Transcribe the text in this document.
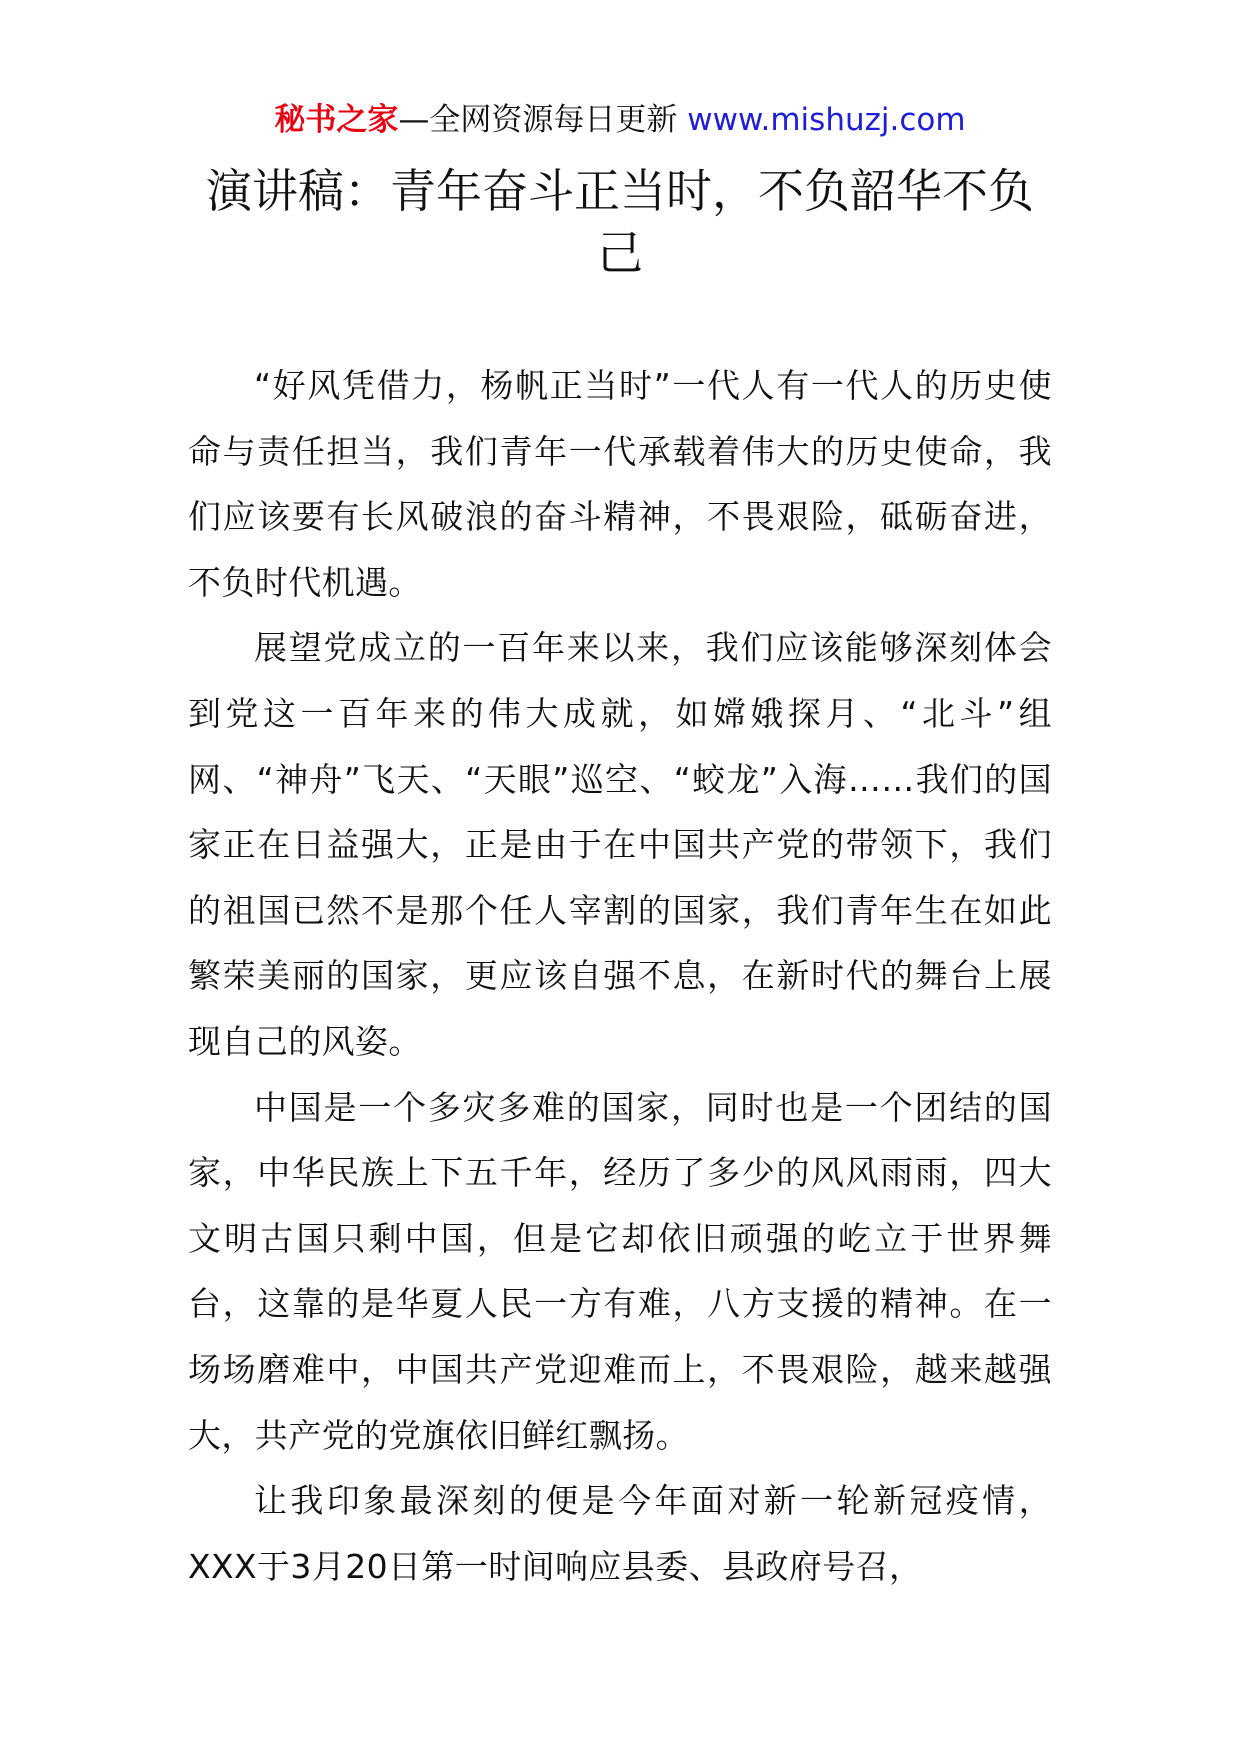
秘书之家—全网资源每日更新 www.mishuzj.com
演讲稿：青年奋斗正当时，不负韶华不负己

“好风凭借力，杨帆正当时”一代人有一代人的历史使命与责任担当，我们青年一代承载着伟大的历史使命，我们应该要有长风破浪的奋斗精神，不畏艰险，砥砺奋进，不负时代机遇。

展望党成立的一百年来以来，我们应该能够深刻体会到党这一百年来的伟大成就，如嫦娥探月、“北斗”组网、“神舟”飞天、“天眼”巡空、“蛟龙”入海……我们的国家正在日益强大，正是由于在中国共产党的带领下，我们的祖国已然不是那个任人宰割的国家，我们青年生在如此繁荣美丽的国家，更应该自强不息，在新时代的舞台上展现自己的风姿。

中国是一个多灾多难的国家，同时也是一个团结的国家，中华民族上下五千年，经历了多少的风风雨雨，四大文明古国只剩中国，但是它却依旧顽强的屹立于世界舞台，这靠的是华夏人民一方有难，八方支援的精神。在一场场磨难中，中国共产党迎难而上，不畏艰险，越来越强大，共产党的党旗依旧鲜红飘扬。

让我印象最深刻的便是今年面对新一轮新冠疫情，XXX于3月20日第一时间响应县委、县政府号召，
